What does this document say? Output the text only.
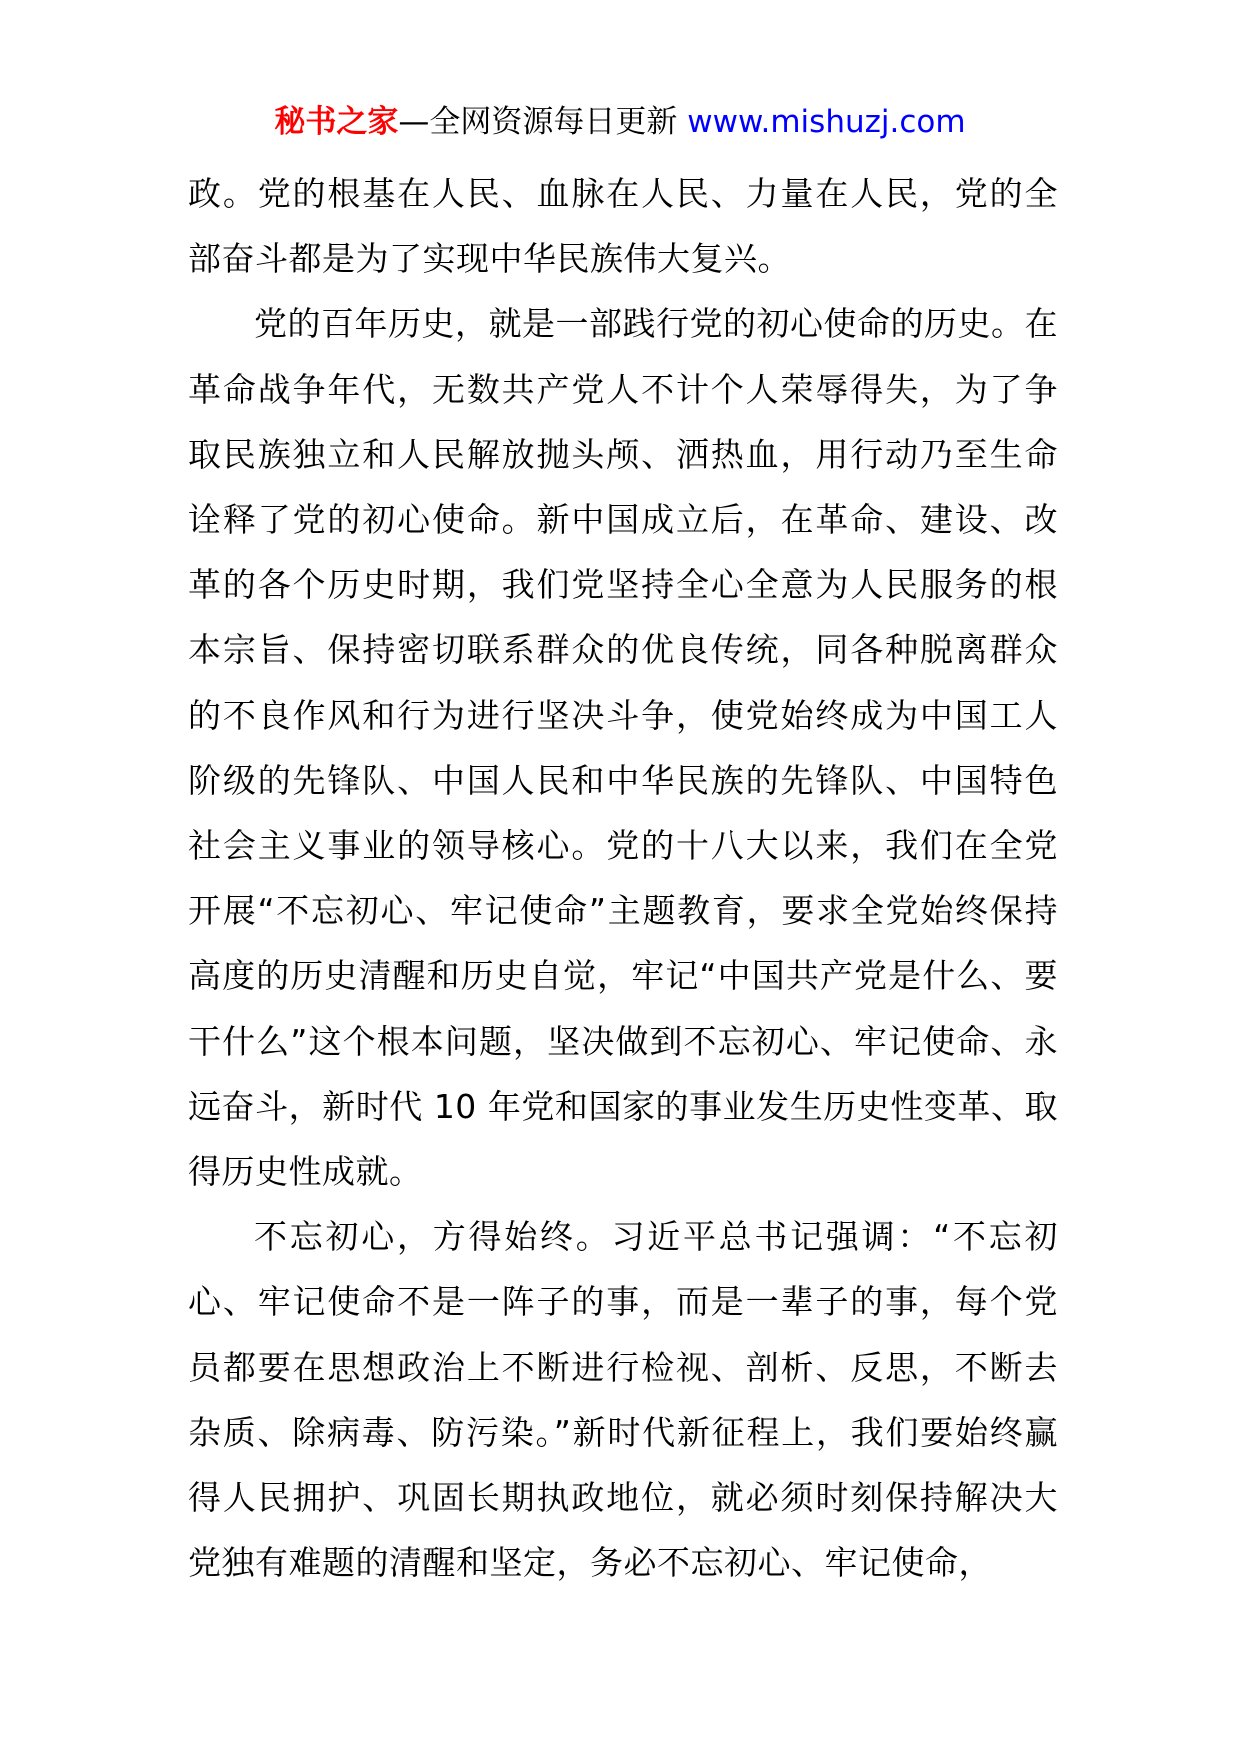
秘书之家—全网资源每日更新 www.mishuzj.com

政。党的根基在人民、血脉在人民、力量在人民，党的全部奋斗都是为了实现中华民族伟大复兴。

党的百年历史，就是一部践行党的初心使命的历史。在革命战争年代，无数共产党人不计个人荣辱得失，为了争取民族独立和人民解放抛头颅、洒热血，用行动乃至生命诠释了党的初心使命。新中国成立后，在革命、建设、改革的各个历史时期，我们党坚持全心全意为人民服务的根本宗旨、保持密切联系群众的优良传统，同各种脱离群众的不良作风和行为进行坚决斗争，使党始终成为中国工人阶级的先锋队、中国人民和中华民族的先锋队、中国特色社会主义事业的领导核心。党的十八大以来，我们在全党开展“不忘初心、牢记使命”主题教育，要求全党始终保持高度的历史清醒和历史自觉，牢记“中国共产党是什么、要干什么”这个根本问题，坚决做到不忘初心、牢记使命、永远奋斗，新时代 10 年党和国家的事业发生历史性变革、取得历史性成就。

不忘初心，方得始终。习近平总书记强调：“不忘初心、牢记使命不是一阵子的事，而是一辈子的事，每个党员都要在思想政治上不断进行检视、剖析、反思，不断去杂质、除病毒、防污染。”新时代新征程上，我们要始终赢得人民拥护、巩固长期执政地位，就必须时刻保持解决大党独有难题的清醒和坚定，务必不忘初心、牢记使命，
